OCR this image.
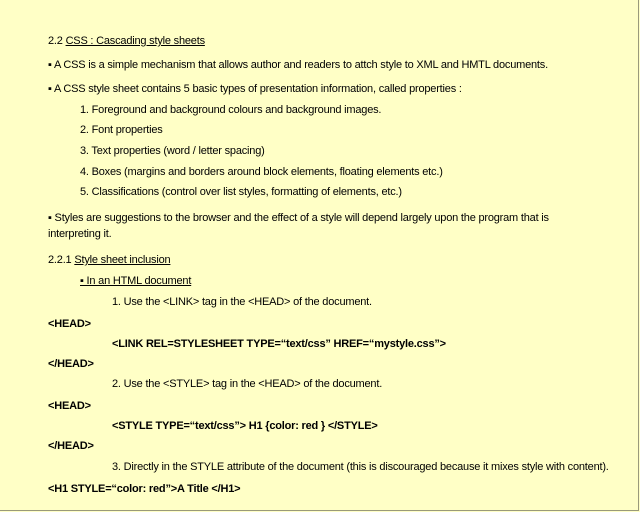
2.2 CSS : Cascading style sheets
▪ A CSS is a simple mechanism that allows author and readers to attch style to XML and HMTL documents.
▪ A CSS style sheet contains 5 basic types of presentation information, called properties :
1. Foreground and background colours and background images.
2. Font properties
3. Text properties (word / letter spacing)
4. Boxes (margins and borders around block elements, floating elements etc.)
5. Classifications (control over list styles, formatting of elements, etc.)
▪ Styles are suggestions to the browser and the effect of a style will depend largely upon the program that is interpreting it.
2.2.1 Style sheet inclusion
▪ In an HTML document
1. Use the <LINK> tag in the <HEAD> of the document.
<HEAD>
<LINK REL=STYLESHEET TYPE=“text/css” HREF=“mystyle.css”>
</HEAD>
2. Use the <STYLE> tag in the <HEAD> of the document.
<HEAD>
<STYLE TYPE=“text/css”> H1 {color: red } </STYLE>
</HEAD>
3. Directly in the STYLE attribute of the document (this is discouraged because it mixes style with content).
<H1 STYLE=“color: red”>A Title </H1>
